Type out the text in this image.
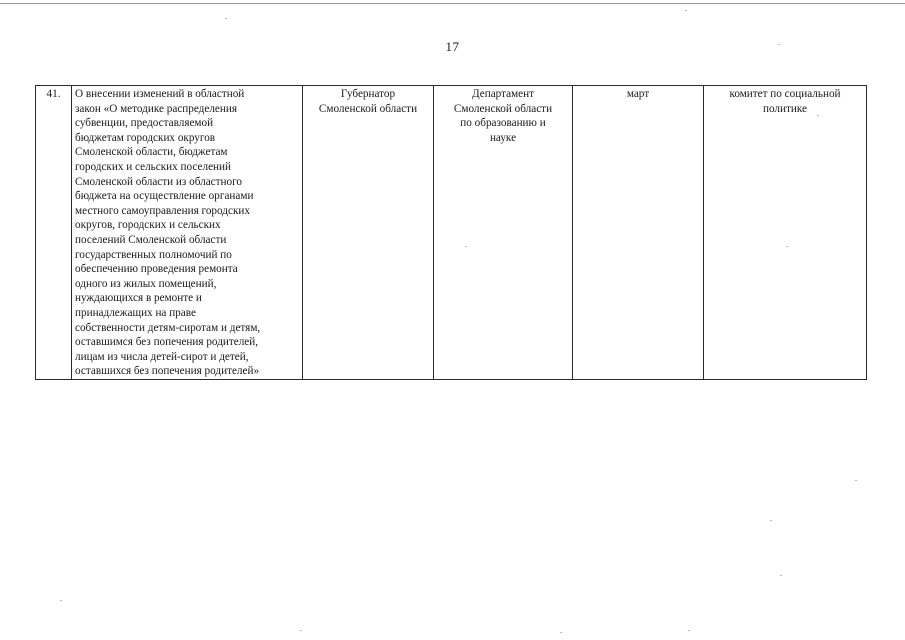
17
41.	О внесении изменений в областной
закон «О методике распределения
субвенции, предоставляемой
бюджетам городских округов
Смоленской области, бюджетам
городских и сельских поселений
Смоленской области из областного
бюджета на осуществление органами
местного самоуправления городских
округов, городских и сельских
поселений Смоленской области
государственных полномочий по
обеспечению проведения ремонта
одного из жилых помещений,
нуждающихся в ремонте и
принадлежащих на праве
собственности детям-сиротам и детям,
оставшимся без попечения родителей,
лицам из числа детей-сирот и детей,
оставшихся без попечения родителей»	Губернатор
Смоленской области	Департамент
Смоленской области
по образованию и
науке	март	комитет по социальной
политике
